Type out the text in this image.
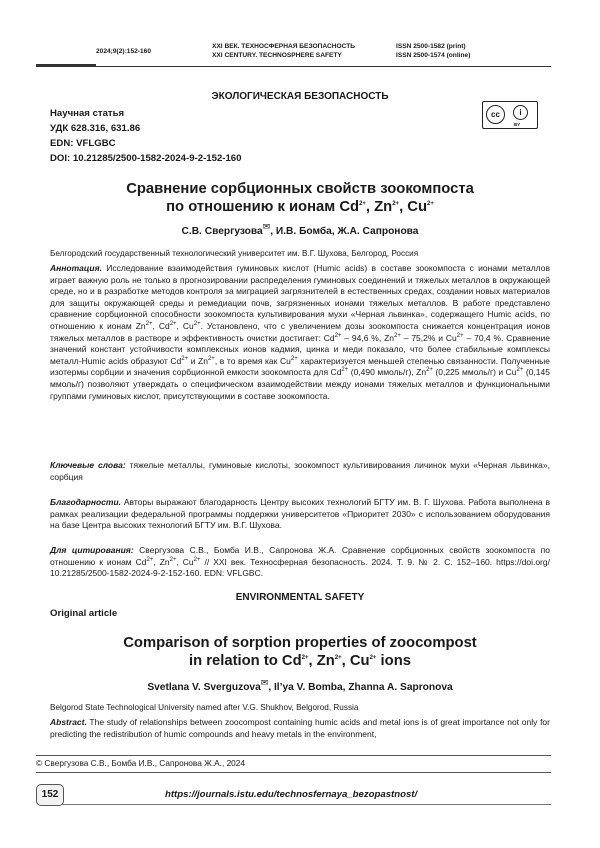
2024;9(2):152-160
XXI ВЕК. ТЕХНОСФЕРНАЯ БЕЗОПАСНОСТЬ
XXI CENTURY. TECHNOSPHERE SAFETY
ISSN 2500-1582 (print)
ISSN 2500-1574 (online)
ЭКОЛОГИЧЕСКАЯ БЕЗОПАСНОСТЬ
cc	i
BY
Научная статья
УДК 628.316, 631.86
EDN: VFLGBC
DOI: 10.21285/2500-1582-2024-9-2-152-160
Сравнение сорбционных свойств зоокомпоста
по отношению к ионам $Cd^{2+}$, $Zn^{2+}$, $Cu^{2+}$
С.В. Свергузова✉, И.В. Бомба, Ж.А. Сапронова
Белгородский государственный технологический университет им. В.Г. Шухова, Белгород, Россия
Аннотация. Исследование взаимодействия гуминовых кислот (Humic acids) в составе зоокомпоста с ионами металлов играет важную роль не только в прогнозировании распределения гуминовых соединений и тяжелых металлов в окружающей среде, но и в разработке методов контроля за миграцией загрязнителей в естественных средах, создании новых материалов для защиты окружающей среды и ремедиации почв, загрязненных ионами тяжелых металлов. В работе представлено сравнение сорбционной способности зоокомпоста культивирования мухи «Черная львинка», содержащего Humic acids, по отношению к ионам $Zn^{2+}$, $Cd^{2+}$, $Cu^{2+}$. Установлено, что с увеличением дозы зоокомпоста снижается концентрация ионов тяжелых металлов в растворе и эффективность очистки достигает: $Cd^{2+} - 94,6$ %, $Zn^{2+} - 75,2\%$ и $Cu^{2+} - 70,4$ %. Сравнение значений констант устойчивости комплексных ионов кадмия, цинка и меди показало, что более стабильные комплексы металл-Humic acids образуют $Cd^{2+}$ и $Zn^{2+}$, в то время как $Cu^{2+}$ характеризуется меньшей степенью связанности. Полученные изотермы сорбции и значения сорбционной емкости зоокомпоста для $Cd^{2+}$ (0,490 ммоль/г), $Zn^{2+}$ (0,225 ммоль/г) и $Cu^{2+}$ (0,145 ммоль/г) позволяют утверждать о специфическом взаимодействии между ионами тяжелых металлов и функциональными группами гуминовых кислот, присутствующими в составе зоокомпоста.
Ключевые слова: тяжелые металлы, гуминовые кислоты, зоокомпост культивирования личинок мухи «Черная львинка», сорбция
Благодарности. Авторы выражают благодарность Центру высоких технологий БГТУ им. В. Г. Шухова. Работа выполнена в рамках реализации федеральной программы поддержки университетов «Приоритет 2030» с использованием оборудования на базе Центра высоких технологий БГТУ им. В.Г. Шухова.
Для цитирования: Свергузова С.В., Бомба И.В., Сапронова Ж.А. Сравнение сорбционных свойств зоокомпоста по отношению к ионам $Cd^{2+}$, $Zn^{2+}$, $Cu^{2+}$ // XXI век. Техносферная безопасность. 2024. Т. 9. № 2. С. 152–160. https://doi.org/ 10.21285/2500-1582-2024-9-2-152-160. EDN: VFLGBC.
ENVIRONMENTAL SAFETY
Original article
Comparison of sorption properties of zoocompost
in relation to $Cd^{2+}$, $Zn^{2+}$, $Cu^{2+}$ ions
Svetlana V. Sverguzova✉, Il’ya V. Bomba, Zhanna A. Sapronova
Belgorod State Technological University named after V.G. Shukhov, Belgorod, Russia
Abstract. The study of relationships between zoocompost containing humic acids and metal ions is of great importance not only for predicting the redistribution of humic compounds and heavy metals in the environment,
© Свергузова С.В., Бомба И.В., Сапронова Ж.А., 2024
152	https://journals.istu.edu/technosfernaya_bezopastnost/
